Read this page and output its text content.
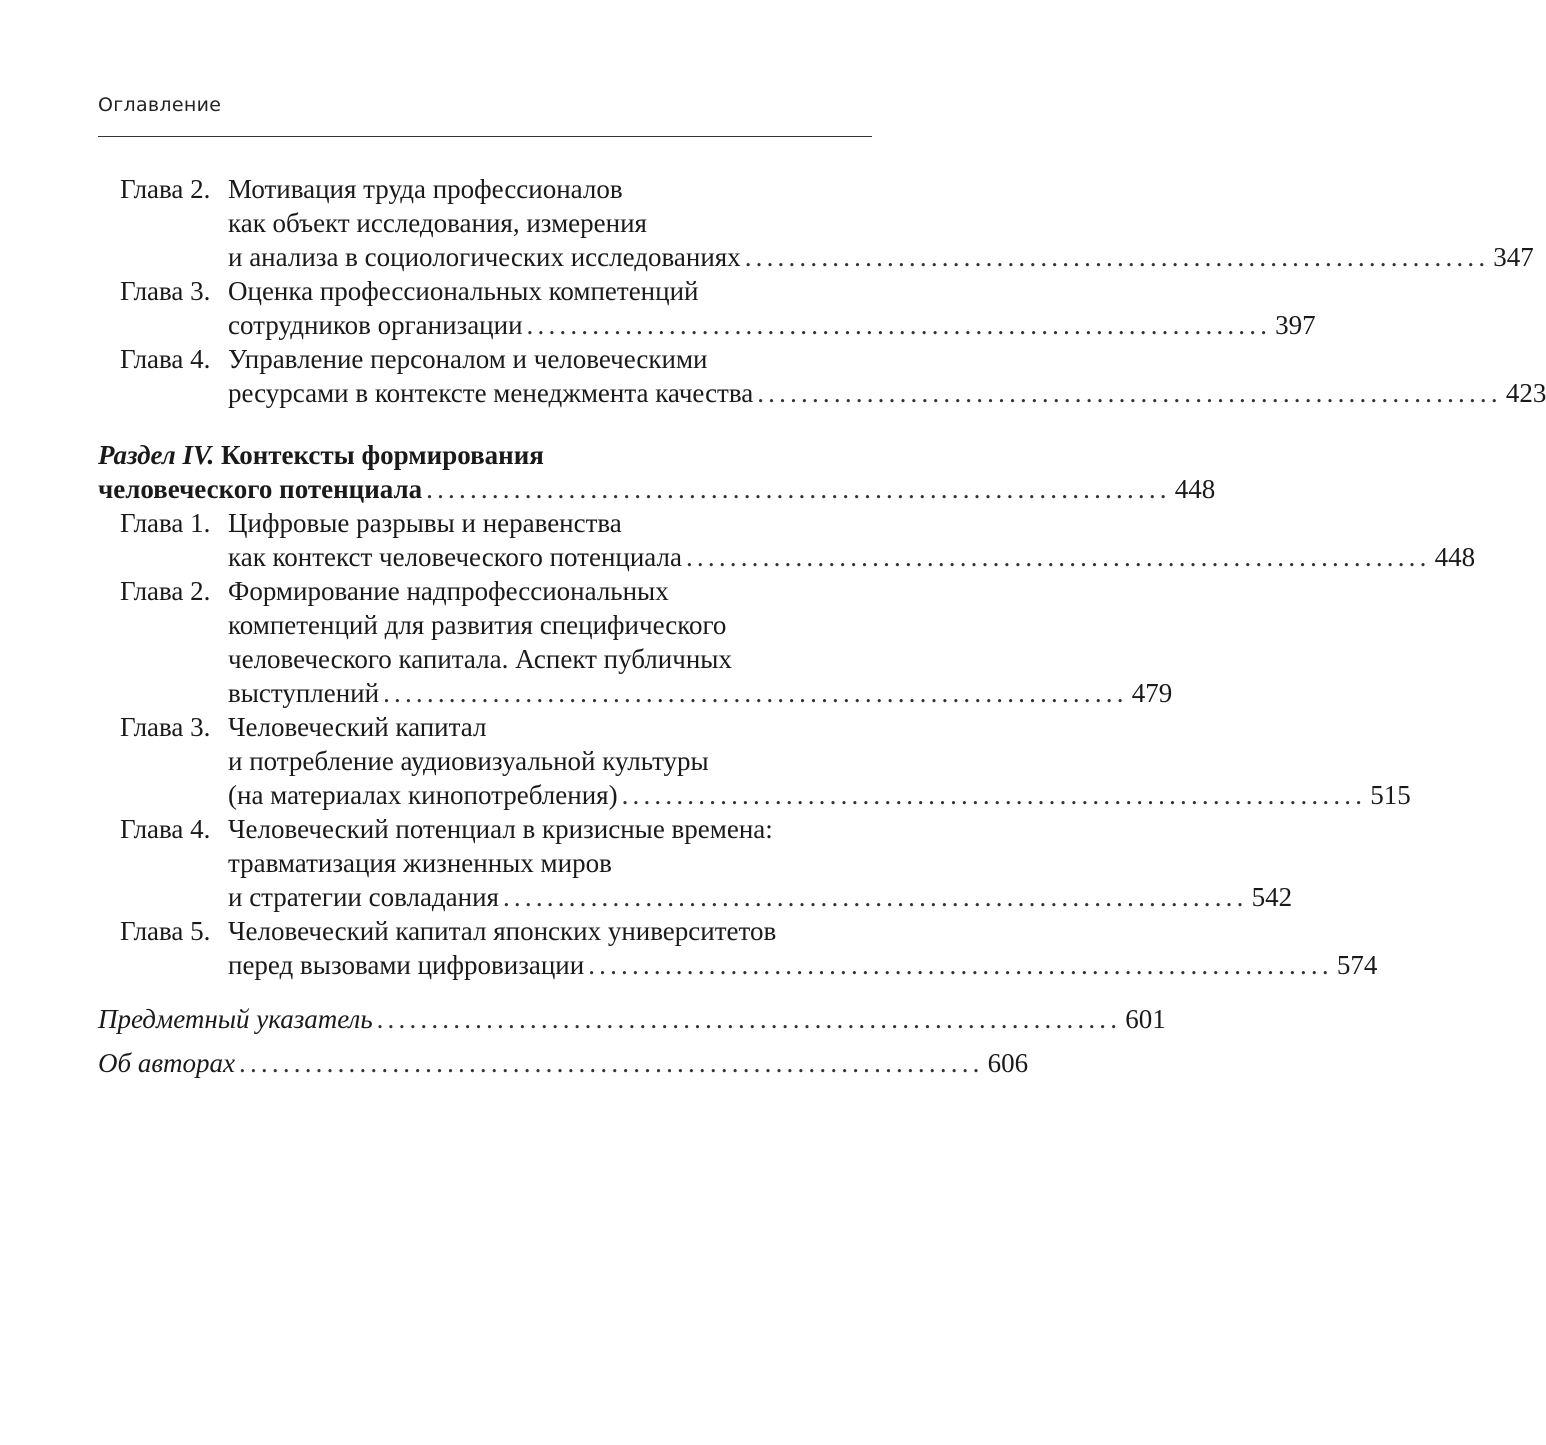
Оглавление
Глава 2. Мотивация труда профессионалов
как объект исследования, измерения
и анализа в социологических исследованиях .................................................................... 347
Глава 3. Оценка профессиональных компетенций
сотрудников организации .................................................................... 397
Глава 4. Управление персоналом и человеческими
ресурсами в контексте менеджмента качества .................................................................... 423
Раздел IV. Контексты формирования
человеческого потенциала .................................................................... 448
Глава 1. Цифровые разрывы и неравенства
как контекст человеческого потенциала .................................................................... 448
Глава 2. Формирование надпрофессиональных
компетенций для развития специфического
человеческого капитала. Аспект публичных
выступлений .................................................................... 479
Глава 3. Человеческий капитал
и потребление аудиовизуальной культуры
(на материалах кинопотребления) .................................................................... 515
Глава 4. Человеческий потенциал в кризисные времена:
травматизация жизненных миров
и стратегии совладания .................................................................... 542
Глава 5. Человеческий капитал японских университетов
перед вызовами цифровизации .................................................................... 574
Предметный указатель .................................................................... 601
Об авторах .................................................................... 606
